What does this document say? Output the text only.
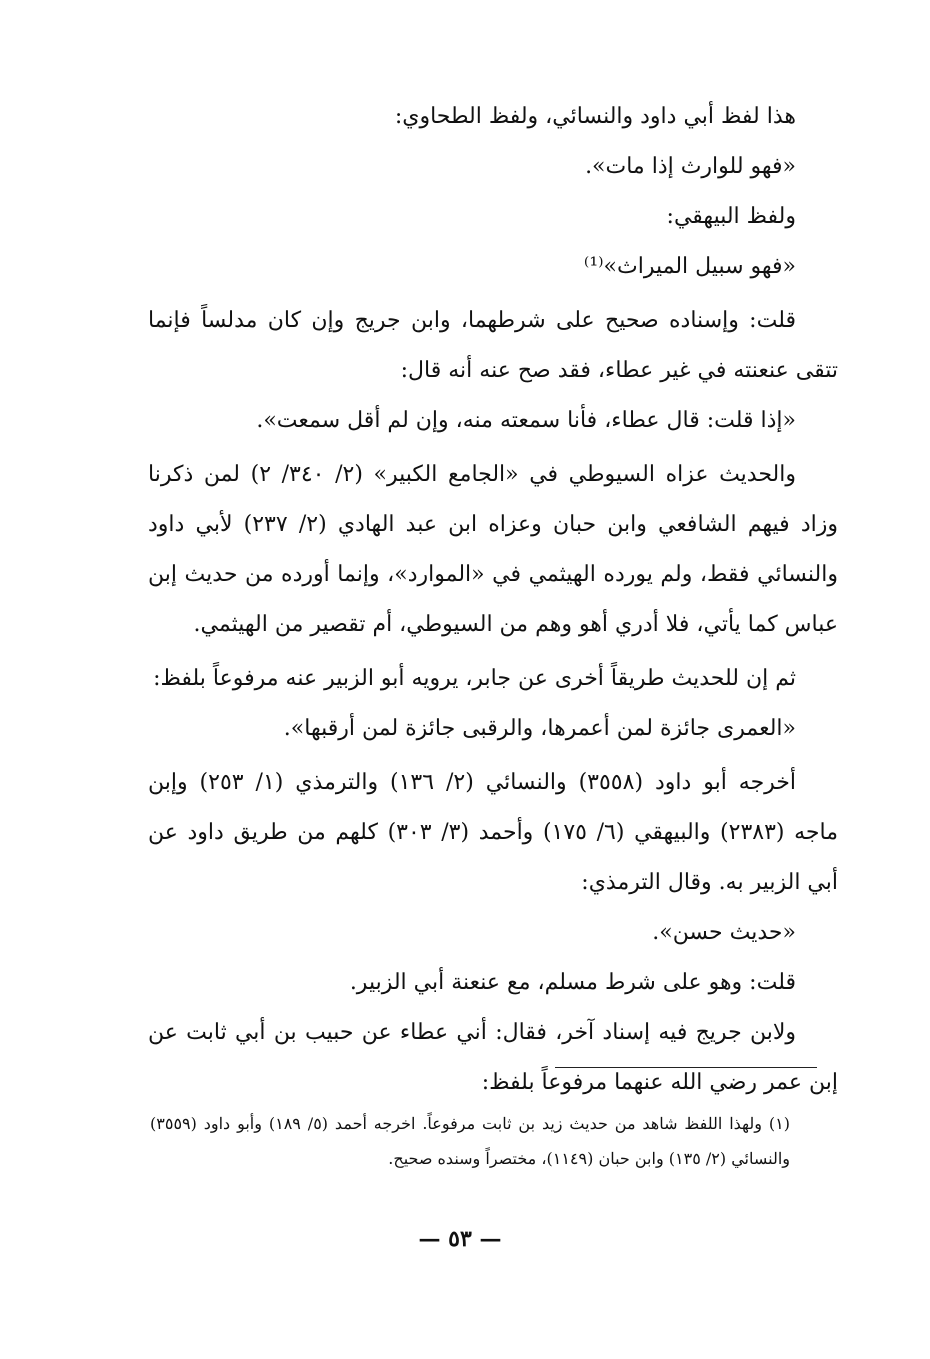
هذا لفظ أبي داود والنسائي، ولفظ الطحاوي:

«فهو للوارث إذا مات».

ولفظ البيهقي:

«فهو سبيل الميراث»⁽¹⁾

قلت: وإسناده صحيح على شرطهما، وابن جريج وإن كان مدلساً فإنما تتقى عنعنته في غير عطاء، فقد صح عنه أنه قال:

«إذا قلت: قال عطاء، فأنا سمعته منه، وإن لم أقل سمعت».

والحديث عزاه السيوطي في «الجامع الكبير» (٢/ ٣٤٠/ ٢) لمن ذكرنا وزاد فيهم الشافعي وابن حبان وعزاه ابن عبد الهادي (٢/ ٢٣٧) لأبي داود والنسائي فقط، ولم يورده الهيثمي في «الموارد»، وإنما أورده من حديث إبن عباس كما يأتي، فلا أدري أهو وهم من السيوطي، أم تقصير من الهيثمي.

ثم إن للحديث طريقاً أخرى عن جابر، يرويه أبو الزبير عنه مرفوعاً بلفظ:

«العمرى جائزة لمن أعمرها، والرقبى جائزة لمن أرقبها».

أخرجه أبو داود (٣٥٥٨) والنسائي (٢/ ١٣٦) والترمذي (١/ ٢٥٣) وإبن ماجه (٢٣٨٣) والبيهقي (٦/ ١٧٥) وأحمد (٣/ ٣٠٣) كلهم من طريق داود عن أبي الزبير به. وقال الترمذي:

«حديث حسن».

قلت: وهو على شرط مسلم، مع عنعنة أبي الزبير.

ولابن جريج فيه إسناد آخر، فقال: أني عطاء عن حبيب بن أبي ثابت عن إبن عمر رضي الله عنهما مرفوعاً بلفظ:

(١) ولهذا اللفظ شاهد من حديث زيد بن ثابت مرفوعاً. اخرجه أحمد (٥/ ١٨٩) وأبو داود (٣٥٥٩) والنسائي (٢/ ١٣٥) وابن حبان (١١٤٩)، مختصراً وسنده صحيح.

— ٥٣ —
